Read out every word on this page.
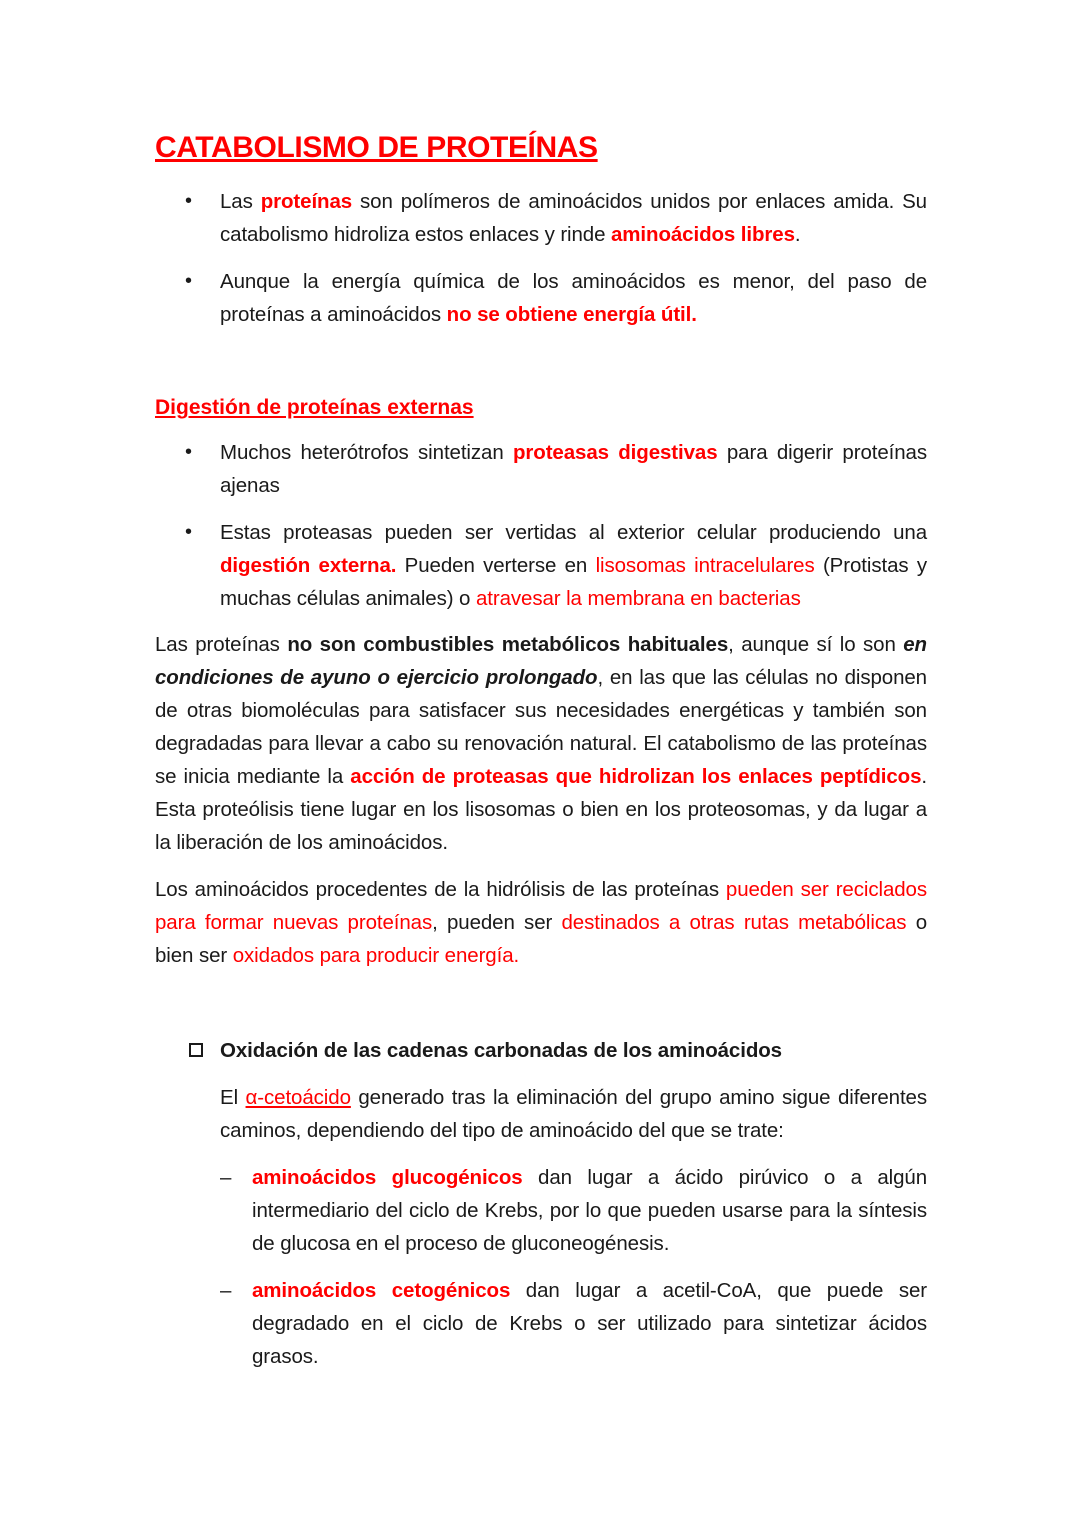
CATABOLISMO DE PROTEÍNAS
• Las proteínas son polímeros de aminoácidos unidos por enlaces amida. Su catabolismo hidroliza estos enlaces y rinde aminoácidos libres.
• Aunque la energía química de los aminoácidos es menor, del paso de proteínas a aminoácidos no se obtiene energía útil.
Digestión de proteínas externas
• Muchos heterótrofos sintetizan proteasas digestivas para digerir proteínas ajenas
• Estas proteasas pueden ser vertidas al exterior celular produciendo una digestión externa. Pueden verterse en lisosomas intracelulares (Protistas y muchas células animales) o atravesar la membrana en bacterias

Las proteínas no son combustibles metabólicos habituales, aunque sí lo son en condiciones de ayuno o ejercicio prolongado, en las que las células no disponen de otras biomoléculas para satisfacer sus necesidades energéticas y también son degradadas para llevar a cabo su renovación natural. El catabolismo de las proteínas se inicia mediante la acción de proteasas que hidrolizan los enlaces peptídicos. Esta proteólisis tiene lugar en los lisosomas o bien en los proteosomas, y da lugar a la liberación de los aminoácidos.

Los aminoácidos procedentes de la hidrólisis de las proteínas pueden ser reciclados para formar nuevas proteínas, pueden ser destinados a otras rutas metabólicas o bien ser oxidados para producir energía.

Oxidación de las cadenas carbonadas de los aminoácidos

El α-cetoácido generado tras la eliminación del grupo amino sigue diferentes caminos, dependiendo del tipo de aminoácido del que se trate:

– aminoácidos glucogénicos dan lugar a ácido pirúvico o a algún intermediario del ciclo de Krebs, por lo que pueden usarse para la síntesis de glucosa en el proceso de gluconeogénesis.
– aminoácidos cetogénicos dan lugar a acetil-CoA, que puede ser degradado en el ciclo de Krebs o ser utilizado para sintetizar ácidos grasos.
